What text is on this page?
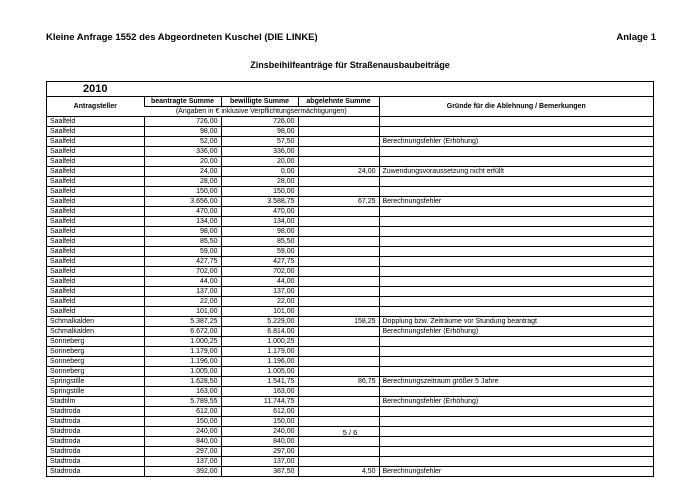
Kleine Anfrage 1552 des Abgeordneten Kuschel (DIE LINKE)	Anlage 1
Zinsbeihilfeanträge für Straßenausbaubeiträge
2010
Antragsteller	beantragte Summe	bewilligte Summe	abgelehnte Summe	Gründe für die Ablehnung / Bemerkungen
	(Angaben in € inklusive Verpflichtungsermächtigungen)			
Saalfeld	726,00	726,00		
Saalfeld	98,00	98,00		
Saalfeld	52,00	57,50		Berechnungsfehler (Erhöhung)
Saalfeld	336,00	336,00		
Saalfeld	20,00	20,00		
Saalfeld	24,00	0,00	24,00	Zuwendungsvoraussetzung nicht erfüllt
Saalfeld	28,00	28,00		
Saalfeld	150,00	150,00		
Saalfeld	3.656,00	3.588,75	67,25	Berechnungsfehler
Saalfeld	470,00	470,00		
Saalfeld	134,00	134,00		
Saalfeld	98,00	98,00		
Saalfeld	85,50	85,50		
Saalfeld	59,00	59,00		
Saalfeld	427,75	427,75		
Saalfeld	702,00	702,00		
Saalfeld	44,00	44,00		
Saalfeld	137,00	137,00		
Saalfeld	22,00	22,00		
Saalfeld	101,00	101,00		
Schmalkalden	5.387,25	5.229,00	158,25	Dopplung bzw. Zeiträume vor Stundung beantragt
Schmalkalden	6.672,00	6.814,00		Berechnungsfehler (Erhöhung)
Sonneberg	1.000,25	1.000,25		
Sonneberg	1.179,00	1.179,00		
Sonneberg	1.196,00	1.196,00		
Sonneberg	1.005,00	1.005,00		
Springstille	1.628,50	1.541,75	86,75	Berechnungszeitraum größer 5 Jahre
Springstille	163,00	163,00		
Stadtilm	5.789,55	11.744,75		Berechnungsfehler (Erhöhung)
Stadtroda	612,00	612,00		
Stadtroda	150,00	150,00		
Stadtroda	240,00	240,00		
Stadtroda	840,00	840,00		
Stadtroda	297,00	297,00		
Stadtroda	137,00	137,00		
Stadtroda	392,00	387,50	4,50	Berechnungsfehler
5 / 6
